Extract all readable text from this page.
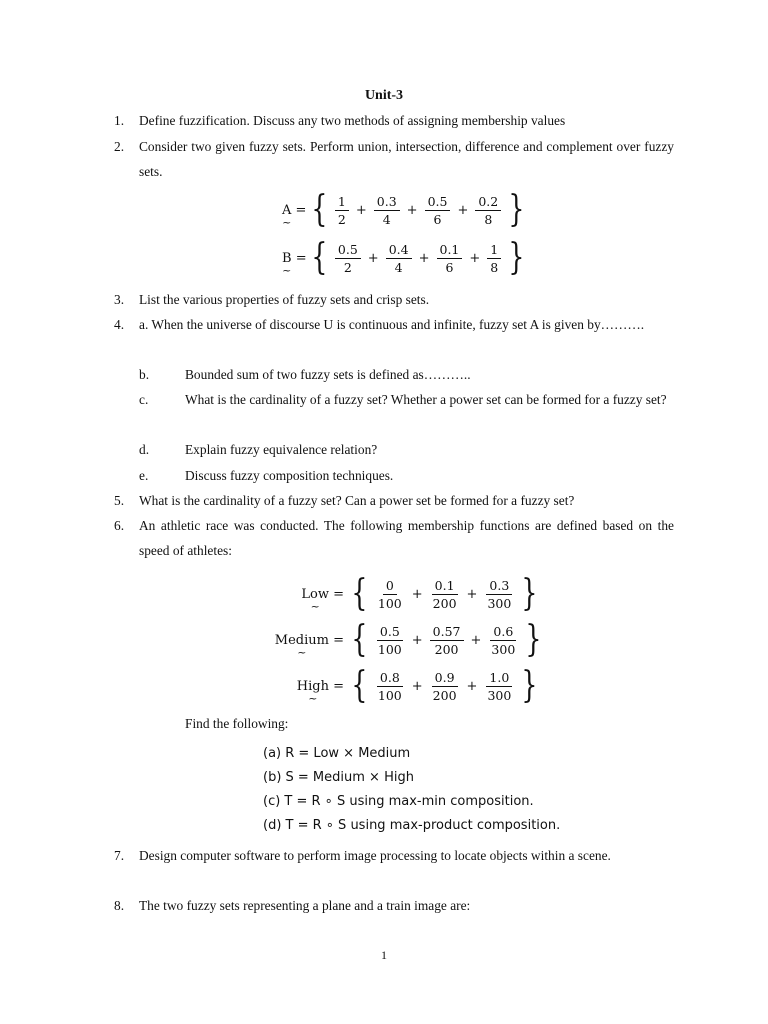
Unit-3
1.	Define fuzzification. Discuss any two methods of assigning membership values
2.	Consider two given fuzzy sets. Perform union, intersection, difference and complement over fuzzy sets.
A ~ = { $\frac{1}{2} + \frac{0.3}{4} + \frac{0.5}{6} + \frac{0.2}{8}$ }
B ~ = { $\frac{0.5}{2} + \frac{0.4}{4} + \frac{0.1}{6} + \frac{1}{8}$ }
3.	List the various properties of fuzzy sets and crisp sets.
4.	a. When the universe of discourse U is continuous and infinite, fuzzy set A is given by……….
b.	Bounded sum of two fuzzy sets is defined as………..
c.	What is the cardinality of a fuzzy set? Whether a power set can be formed for a fuzzy set?
d.	Explain fuzzy equivalence relation?
e.	Discuss fuzzy composition techniques.
5.	What is the cardinality of a fuzzy set? Can a power set be formed for a fuzzy set?
6.	An athletic race was conducted. The following membership functions are defined based on the speed of athletes:
Low ~ = { $\frac{0}{100} + \frac{0.1}{200} + \frac{0.3}{300}$ }
Medium ~ = { $\frac{0.5}{100} + \frac{0.57}{200} + \frac{0.6}{300}$ }
High ~ = { $\frac{0.8}{100} + \frac{0.9}{200} + \frac{1.0}{300}$ }
Find the following:
(a) R = Low × Medium
(b) S = Medium × High
(c) T = R ∘ S using max-min composition.
(d) T = R ∘ S using max-product composition.
7.	Design computer software to perform image processing to locate objects within a scene.
8.	The two fuzzy sets representing a plane and a train image are:
1
